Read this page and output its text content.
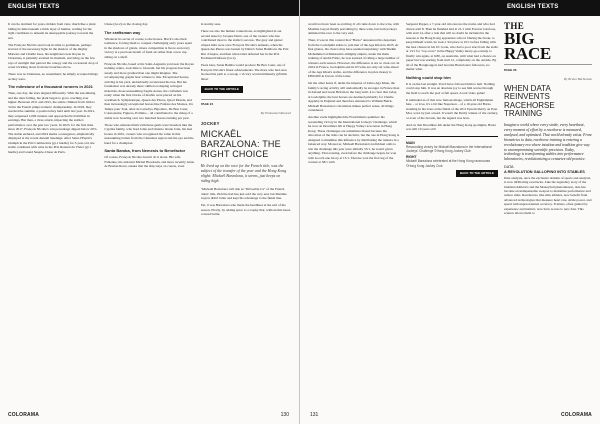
ENGLISH TEXTS

It can lie dormant for years, hidden from view, much like a plant biding its time beneath a thick layer of humus, waiting for the right conditions to unleash its unstoppable journey towards the sun.

The François Nicolle seed took its time to germinate, perhaps starved of the necessary light. In the shadow of the mighty Maisons and Chaillé trees, his neighbours near Royan in Charentes, it patiently awaited its moment, surviving on the few rays of sunlight that pierced the canopy and the occasional drop of water trickling down from the branches above.

There was no bitterness, no resentment; he simply accepted things as they were.

The milestone of a thousand runners in 2021

Then, one day, the stars aligned differently. With the sun shining and the rains falling, the plant began to grow, reaching ever higher. Between 2011 and 2015, the stable climbed from 16th to 3rd in the French jumps trainers' championship. In 2018, they reached the summit, a position they held until last year. In 2021, they surpassed 1,000 runners and approached €10 million in earnings. But then, a virus struck, impacting the stable's performance over the past two years. In 2023, for the first time since 2017, François Nicolle's win percentage dipped below 20%. The stable endured, and 2024 marks a resurgence, emphatically displayed at the recent Auteuil meetings. After Saint d'Esprit's triumph in the Prix Cambacérès (gr.1 hurdle) for 3-year-old, the stable continued with wins in the Prix Renaud du Vivier (gr.1 hurdle) and Grand Steeple-Chase de Paris.

Chase (Gr.2) on the closing day.

The craftsman way

Whatever its secret of course, is the horses. But it's also their resilience, forcing them to conquer challenging early years spent in the shadows of giants, where competition is fierce and every victory is a precious breath of fresh air rather than a new cup sitting on a shelf.

François Nicolle, based at his Saint-Augustin yard near the Royan training centre, took time to blossom, but his progress has been steady and more gradual than one might imagine. The accompanying graphs bear witness to this. Exceptional horses, arriving at his yard, undoubtedly accelerated his rise. But his foundation was already there: skilled at shaping salvaged materials, those unassuming fragile stones, the craftsman was ready when the first blocks of marble were placed on his workbench. Symphonique, Queen des Places, Quart Monde, and then increasingly exceptional horses like Fanfare des Montes, Un Temps pour Tout, Alex de Larredya, Bipolaire, De Bon Cœur, L'Autonome, Figuero, Politzko – all contributed to the rising of a stable now boasting over two hundred horses running per year.

Those who entrusted him with these gems were breeders like the Cypriks family, who bred Jobie and Ontario Orane Jolie, his best horses in 2001, owners who recognised the value in this unassuming trainer from the Charentes region and the eye and the hand for a champion.

Santa Bamba, from Nemesis to Benefactor

Of course, François Nicolle doesn't do it alone. His wife Fabienne, his assistant Michel Houdouin, and more recently Artus de Boubet-Roux, ensure that the ship stays on course, even

in stormy seas.

There are also the human connections, as highlighted in our second issue by Jacques Detré, one of the owners who has contributed most to the stable's success. The grey and garnet striped silks were once François Nicolle's nemesis, when his Queen des Places was beaten by Détré's Santa Bamba in the Prix Duc d'Anjou, and then when Ouzi defeated her in the Prix Ferdinand Dufaure (Gr.1).

Years later, Santa Bamba would produce Be Bon Cœur, one of François Nicolle's finest achievements. The mare who had once blocked his path to a Group 1 victory would ultimately gift him three!

BACK TO THE ARTICLE
PAGE 24
By Emmanuel Roussel
JOCKEY
MICKAËL BARZALONA: THE RIGHT CHOICE
He lived up on the race for the French title, was the subject of the transfer of the year and the Hong Kong plight: Mickaël Barzalona, it seems, just keeps on riding high.

"Mickaël Barzalona will ride as "Driveable Cx" of the French riders' title, 2024 he had has just sold the very end, but Maxime Guyon didn't falter and kept his advantage to the finish line.

Yet, it was Barzalona who made the headlines at the end of the season. Firstly, by adding spice to a trophy that, without this head-to-head battle,

COLORAMA	130
ENGLISH TEXTS

would not have been as exciting. It all came down to the wire, with Maxime Guyon finally prevailing by three wins, but both jockeys animated the race to the very end.

Then, it was in this context that "Barza" announced his departure from the Godolphin stable to join that of the Aga Khan in 2025. At first glance, his choice may have seemed surprising: with Sheikh Mohammed al Maktoum's almighty empire, under the main training of André Fabre, he was assured of riding a large number of winners each season. However, the difference is not so clear-cut. In 2024 in France, Godolphin and its 63 wins are only six wins ahead of the Aga Khan's stable, and the difference in prize money is €850,000 in favour of the latter.

On the other hand, if, under the impetus of Zahra Aga Khan, the family's racing activity will undoubtedly be stronger in France than in Ireland and Great Britain in the long term, it is clear that today, at Godolphin, the best horses are destined primarily for Charlie Appleby in England and therefore entrusted to William Buick. Mickaël Barzalona's calculation makes perfect sense, all things considered.

Another event highlighted the Frenchman's qualities: his resounding victory in the International Jockeys' Challenge, which he won on December 4th at Happy Valley racecourse in Hong Kong. These challenges are sometimes biased because the allocation of the rides can be decisive, but the one in Hong Kong is designed to minimise this influence by distributing the runners in a balanced way. Moreover, Mickaël Barzalona's individual odds to win the challenge this year were initially 33/1, he wasn't given anything. That evening, even before the challenge began, he won with Good Lane Glory at 13/1. Then he won the first leg of the contest at 38/1 with

Sergeant Pepper, a 7-year-old who knows the tracks and who had drawn stall 8. Then he finished 2nd at 21/1 with Forever Glorious, with stall 14, after a ride that will no doubt be included in the lessons at the Hong Kong apprentice school. During the break, to keep himself warm, he took a 3rd place at 10/1 before falling with the best chance in his UC book, who had a poor start from the stalls at 13/1 for "top score" in the Happy Valley merry-go-round), to finally win again, at 6.80, on Australia, with what had a chance on paper but was starting from stall 12, completely on the outside. By all of the Hongkongers had become Barzalona's followers, no matter what.

Nothing could stop him

It is on the last straight. You'd have followed him to hell. Nothing could stop him. It was an absolute joy to see him weave through the field to reach the post at full speed. A real video game!

It reminded us of that now famous image, which all Englishmen hate – or love, it's a bit like Napoleon – of a 19-year-old Barza standing in his irons at the finish of the 2011 Epsom Derby on Pour Moi, worn by just a head. It wasn't the Derby winner of the century, or even of the decade, but the legend was born.

And on that December 4th under the Hong Kong spotlights, Barza was still 19 years old!

MAIN
Resounding victory for Mickaël Barzalona in the International Jockeys' Challenge ©Hong Kong Jockey Club
RIGHT
Mickaël Barzalona celebrated at the Hong Kong racecourse ©Hong Kong Jockey Club
BACK TO THE ARTICLE
THE
BIG
RACE
PAGE 26
By Bruno Barbereau
WHEN DATA REINVENTS RACEHORSE TRAINING
Imagine a world where every stride, every heartbeat, every moment of effort by a racehorse is measured, analysed, and optimised. That world already exists. From biometrics to data, racehorse training is entering a revolutionary era where intuition and tradition give way to uncompromising scientific precision. Today, technology is transforming stables into performance laboratories, revolutionizing a centuries-old practice.
DATA
A REVOLUTION GALLOPING INTO STABLES
Data analysis, once the exclusive domain of sports and analysts, is now infiltrating racetracks. Like the legendary story of the Oakland Athletics and the Moneyball phenomenon, data has become an indispensable weapon to maximise performance and reduce risks. Racehorses, like elite athletes, now benefit from advanced technologies that measure heart rate, stride power, and speed with unprecedented accuracy. Trainers, often guided by experience and instinct, now have access to new data. This science allows them to
131	COLORAMA
